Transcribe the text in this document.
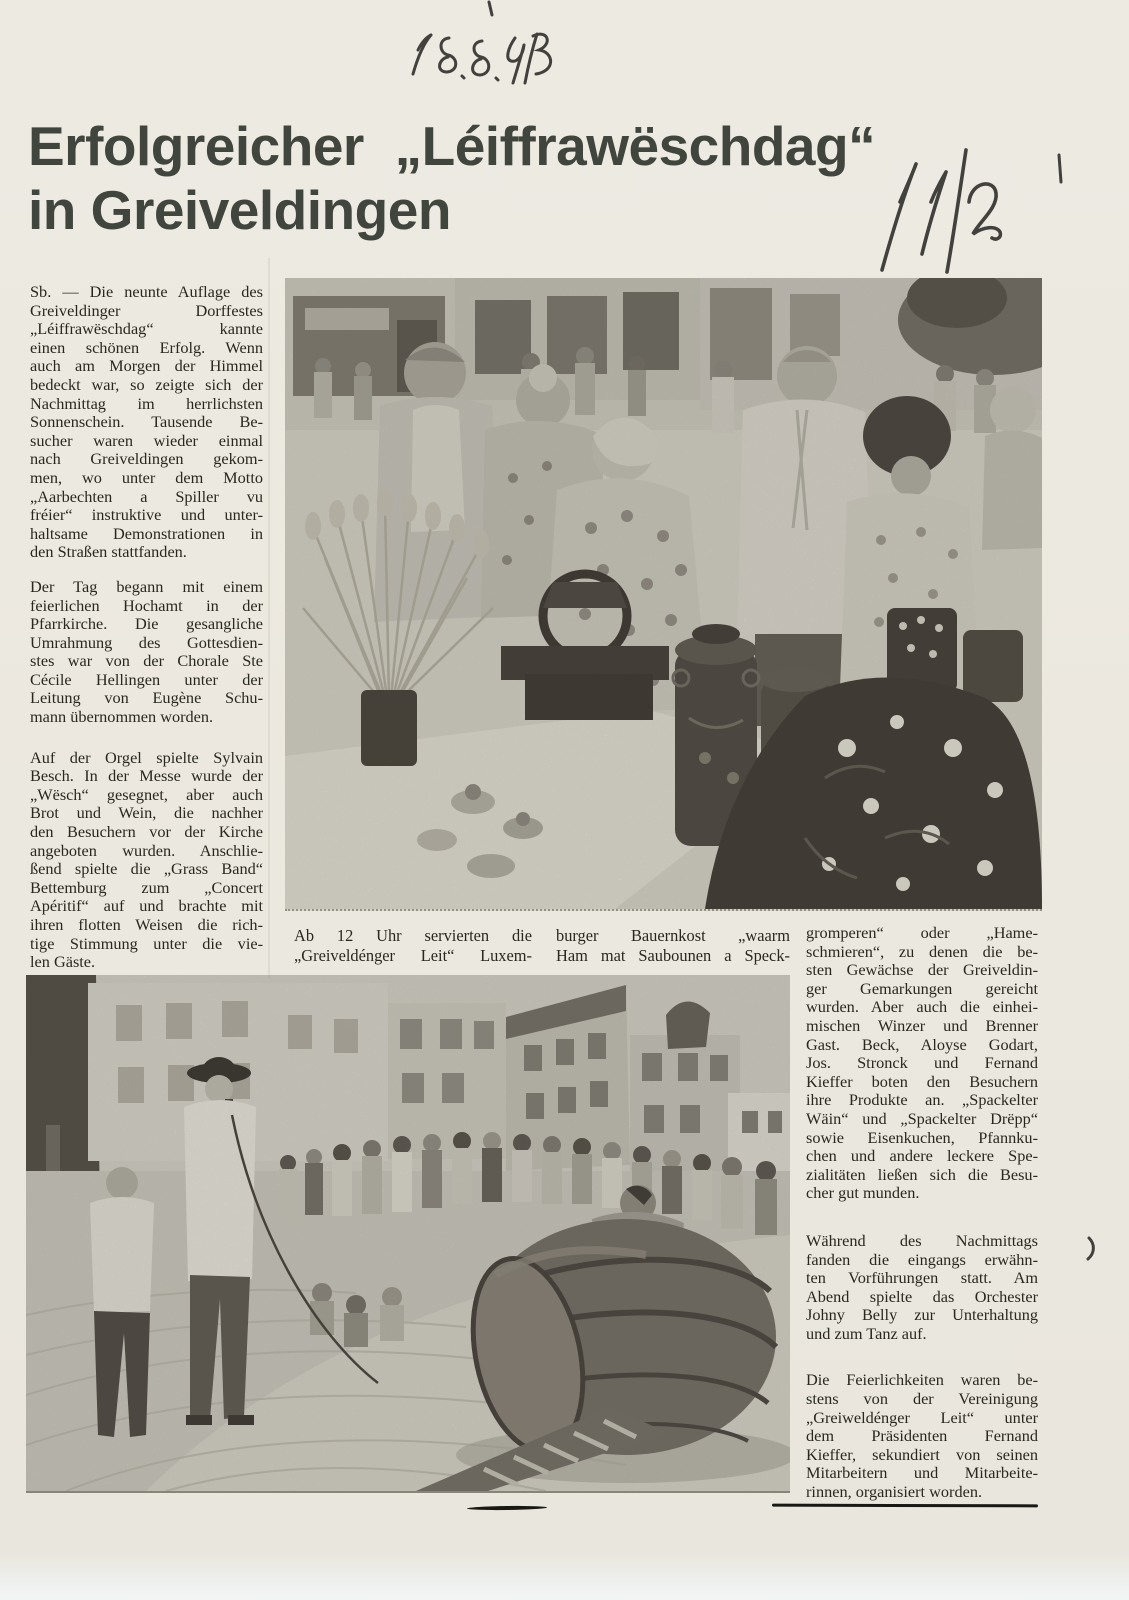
Erfolgreicher „Léiffrawëschdag“
in Greiveldingen
Sb. — Die neunte Auflage des
Greiveldinger Dorffestes
„Léiffrawëschdag“ kannte
einen schönen Erfolg. Wenn
auch am Morgen der Himmel
bedeckt war, so zeigte sich der
Nachmittag im herrlichsten
Sonnenschein. Tausende Be-
sucher waren wieder einmal
nach Greiveldingen gekom-
men, wo unter dem Motto
„Aarbechten a Spiller vu
fréier“ instruktive und unter-
haltsame Demonstrationen in
den Straßen stattfanden.
Der Tag begann mit einem
feierlichen Hochamt in der
Pfarrkirche. Die gesangliche
Umrahmung des Gottesdien-
stes war von der Chorale Ste
Cécile Hellingen unter der
Leitung von Eugène Schu-
mann übernommen worden.
Auf der Orgel spielte Sylvain
Besch. In der Messe wurde der
„Wësch“ gesegnet, aber auch
Brot und Wein, die nachher
den Besuchern vor der Kirche
angeboten wurden. Anschlie-
ßend spielte die „Grass Band“
Bettemburg zum „Concert
Apéritif“ auf und brachte mit
ihren flotten Weisen die rich-
tige Stimmung unter die vie-
len Gäste.
Ab 12 Uhr servierten die
„Greiveldénger Leit“ Luxem-
burger Bauernkost „waarm
Ham mat Saubounen a Speck-
gromperen“ oder „Hame-
schmieren“, zu denen die be-
sten Gewächse der Greiveldin-
ger Gemarkungen gereicht
wurden. Aber auch die einhei-
mischen Winzer und Brenner
Gast. Beck, Aloyse Godart,
Jos. Stronck und Fernand
Kieffer boten den Besuchern
ihre Produkte an. „Spackelter
Wäin“ und „Spackelter Drëpp“
sowie Eisenkuchen, Pfannku-
chen und andere leckere Spe-
zialitäten ließen sich die Besu-
cher gut munden.
Während des Nachmittags
fanden die eingangs erwähn-
ten Vorführungen statt. Am
Abend spielte das Orchester
Johny Belly zur Unterhaltung
und zum Tanz auf.
Die Feierlichkeiten waren be-
stens von der Vereinigung
„Greiweldénger Leit“ unter
dem Präsidenten Fernand
Kieffer, sekundiert von seinen
Mitarbeitern und Mitarbeite-
rinnen, organisiert worden.
